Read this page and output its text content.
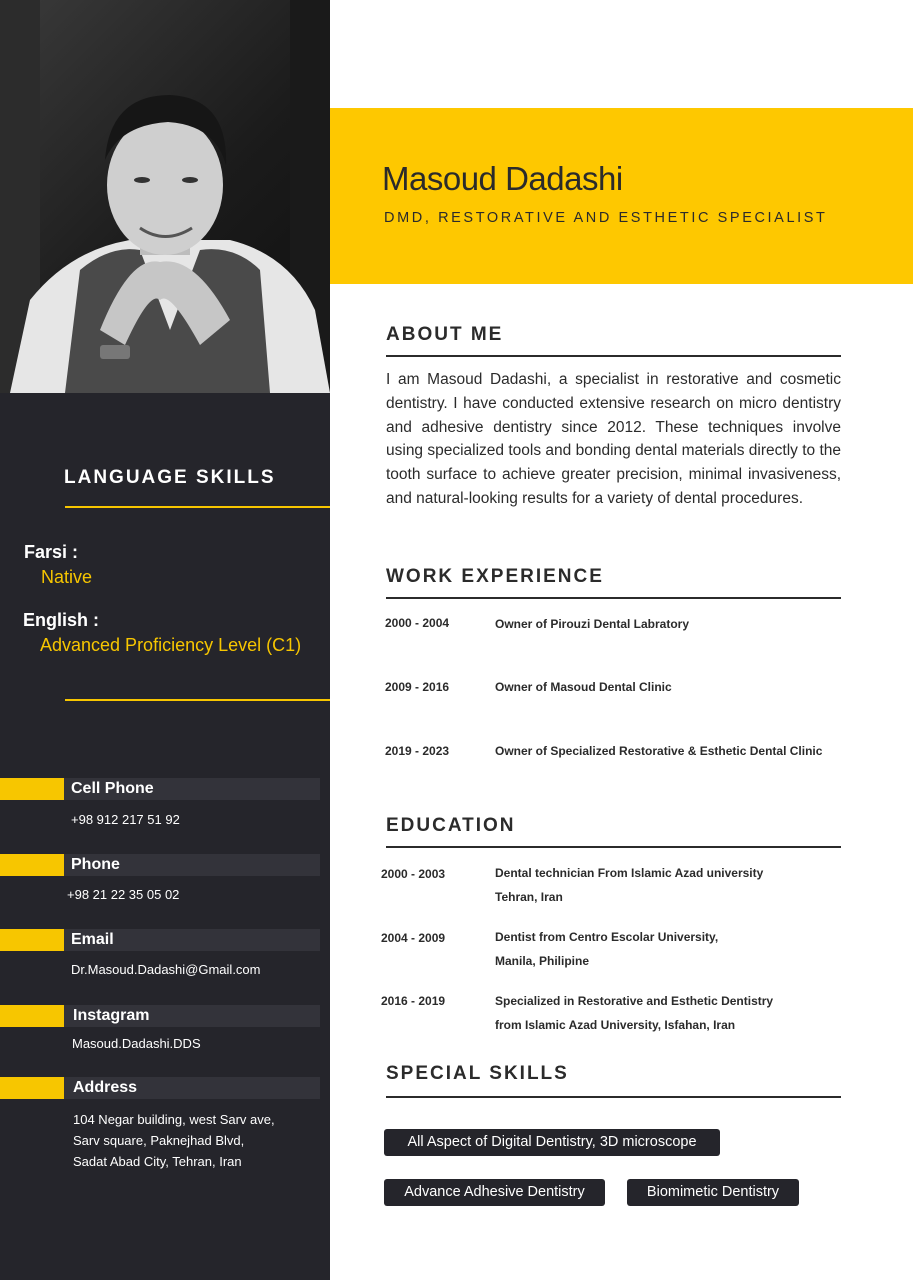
LANGUAGE SKILLS
Farsi :
Native
English :
Advanced Proficiency Level (C1)
Cell Phone
+98 912 217 51 92
Phone
+98 21 22 35 05 02
Email
Dr.Masoud.Dadashi@Gmail.com
Instagram
Masoud.Dadashi.DDS
Address
104 Negar building, west Sarv ave,
Sarv square, Paknejhad Blvd,
Sadat Abad City, Tehran, Iran
Masoud Dadashi
DMD, RESTORATIVE AND ESTHETIC SPECIALIST
ABOUT ME
I am Masoud Dadashi, a specialist in restorative and cosmetic dentistry. I have conducted extensive research on micro dentistry and adhesive dentistry since 2012. These techniques involve using specialized tools and bonding dental materials directly to the tooth surface to achieve greater precision, minimal invasiveness, and natural-looking results for a variety of dental procedures.
WORK EXPERIENCE
2000 - 2004	Owner of Pirouzi Dental Labratory
2009 - 2016	Owner of Masoud Dental Clinic
2019 - 2023	Owner of Specialized Restorative & Esthetic Dental Clinic
EDUCATION
2000 - 2003	Dental technician From Islamic Azad university
Tehran, Iran
2004 - 2009	Dentist from Centro Escolar University,
Manila, Philipine
2016 - 2019	Specialized in Restorative and Esthetic Dentistry
from Islamic Azad University, Isfahan, Iran
SPECIAL SKILLS
All Aspect of Digital Dentistry, 3D microscope
Advance Adhesive Dentistry	Biomimetic Dentistry
